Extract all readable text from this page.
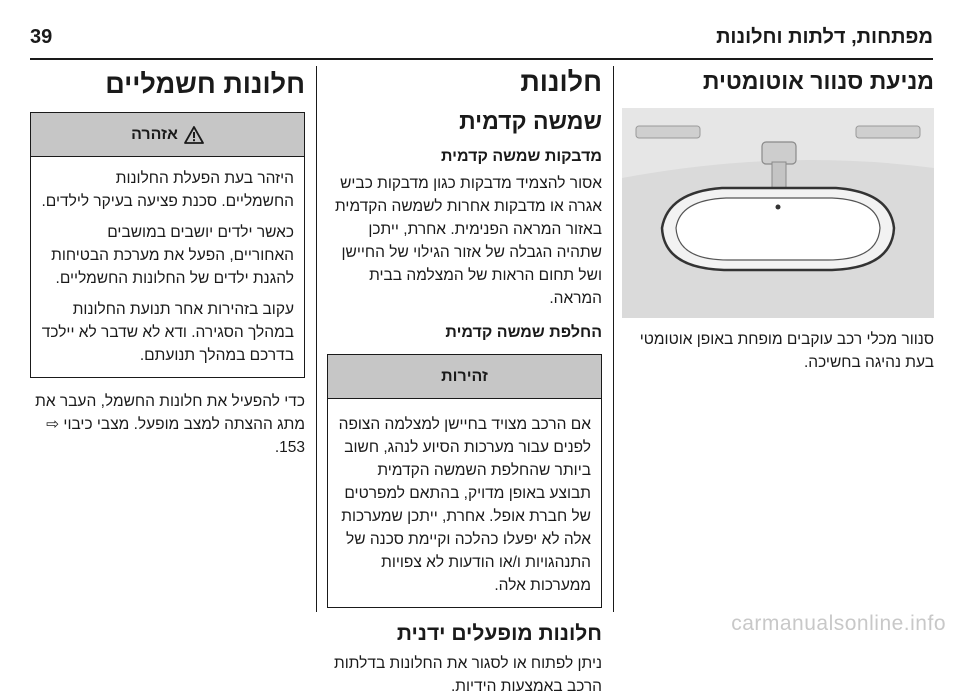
39	מפתחות, דלתות וחלונות
מניעת סנוור אוטומטית

סנוור מכלי רכב עוקבים מופחת באופן אוטומטי בעת נהיגה בחשיכה.

חלונות
שמשה קדמית
מדבקות שמשה קדמית

אסור להצמיד מדבקות כגון מדבקות כביש אגרה או מדבקות אחרות לשמשה הקדמית באזור המראה הפנימית. אחרת, ייתכן שתהיה הגבלה של אזור הגילוי של החיישן ושל תחום הראות של המצלמה בבית המראה.

החלפת שמשה קדמית
זהירות

אם הרכב מצויד בחיישן למצלמה הצופה לפנים עבור מערכות הסיוע לנהג, חשוב ביותר שהחלפת השמשה הקדמית תבוצע באופן מדויק, בהתאם למפרטים של חברת אופל. אחרת, ייתכן שמערכות אלה לא יפעלו כהלכה וקיימת סכנה של התנהגויות ו/או הודעות לא צפויות ממערכות אלה.

חלונות מופעלים ידנית

ניתן לפתוח או לסגור את החלונות בדלתות הרכב באמצעות הידיות.

חלונות חשמליים
אזהרה

היזהר בעת הפעלת החלונות החשמליים. סכנת פציעה בעיקר לילדים.

כאשר ילדים יושבים במושבים האחוריים, הפעל את מערכת הבטיחות להגנת ילדים של החלונות החשמליים.

עקוב בזהירות אחר תנועת החלונות במהלך הסגירה. ודא לא שדבר לא יילכד בדרכם במהלך תנועתם.

כדי להפעיל את חלונות החשמל, העבר את מתג ההצתה למצב מופעל. מצבי כיבוי ⇨ 153.

carmanualsonline.info
